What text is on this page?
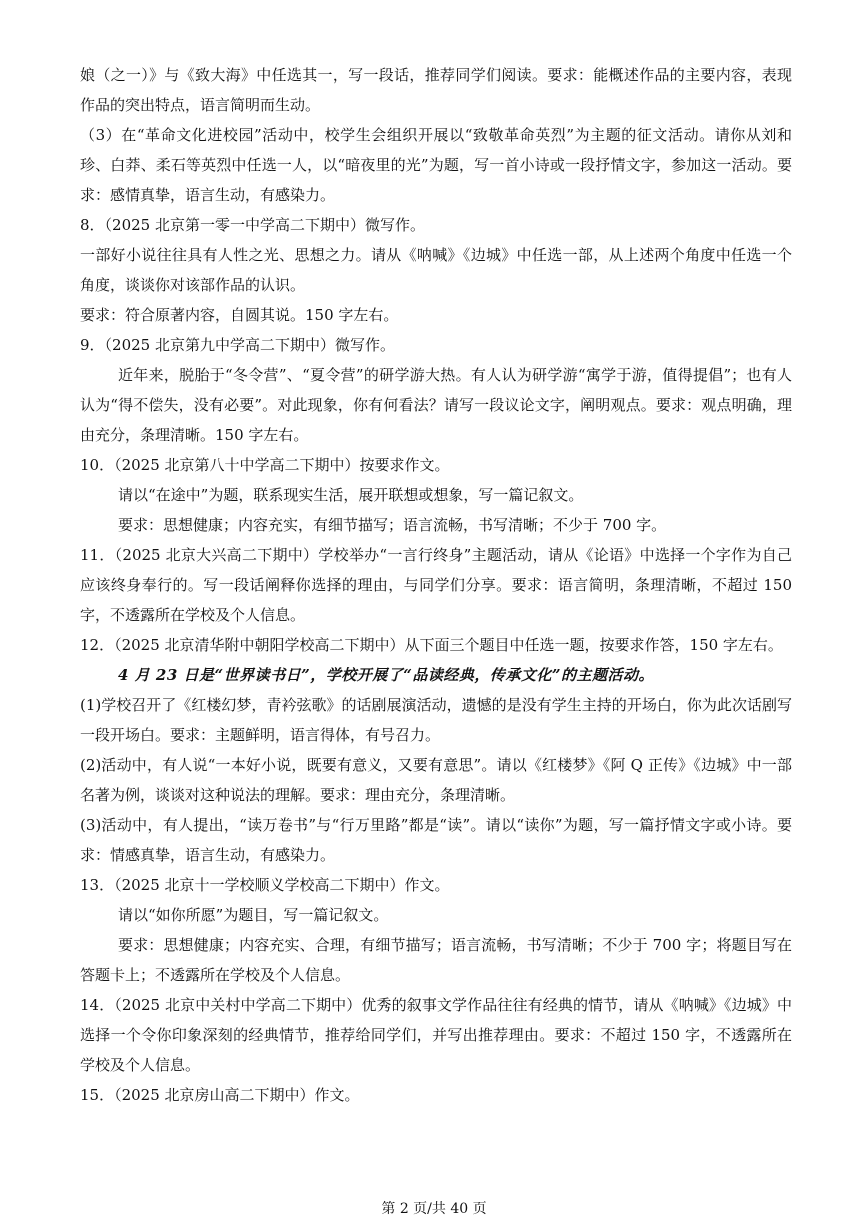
娘（之一）》与《致大海》中任选其一，写一段话，推荐同学们阅读。要求：能概述作品的主要内容，表现作品的突出特点，语言简明而生动。

（3）在“革命文化进校园”活动中，校学生会组织开展以“致敬革命英烈”为主题的征文活动。请你从刘和珍、白莽、柔石等英烈中任选一人，以“暗夜里的光”为题，写一首小诗或一段抒情文字，参加这一活动。要求：感情真挚，语言生动，有感染力。

8．（2025 北京第一零一中学高二下期中）微写作。

一部好小说往往具有人性之光、思想之力。请从《呐喊》《边城》中任选一部，从上述两个角度中任选一个角度，谈谈你对该部作品的认识。

要求：符合原著内容，自圆其说。150 字左右。

9．（2025 北京第九中学高二下期中）微写作。

近年来，脱胎于“冬令营”、“夏令营”的研学游大热。有人认为研学游“寓学于游，值得提倡”；也有人认为“得不偿失，没有必要”。对此现象，你有何看法？请写一段议论文字，阐明观点。要求：观点明确，理由充分，条理清晰。150 字左右。

10．（2025 北京第八十中学高二下期中）按要求作文。

请以“在途中”为题，联系现实生活，展开联想或想象，写一篇记叙文。

要求：思想健康；内容充实，有细节描写；语言流畅，书写清晰；不少于 700 字。

11．（2025 北京大兴高二下期中）学校举办“一言行终身”主题活动，请从《论语》中选择一个字作为自己应该终身奉行的。写一段话阐释你选择的理由，与同学们分享。要求：语言简明，条理清晰，不超过 150 字，不透露所在学校及个人信息。

12．（2025 北京清华附中朝阳学校高二下期中）从下面三个题目中任选一题，按要求作答，150 字左右。

4 月 23 日是“世界读书日”，学校开展了“品读经典，传承文化”的主题活动。

(1)学校召开了《红楼幻梦，青衿弦歌》的话剧展演活动，遗憾的是没有学生主持的开场白，你为此次话剧写一段开场白。要求：主题鲜明，语言得体，有号召力。

(2)活动中，有人说“一本好小说，既要有意义，又要有意思”。请以《红楼梦》《阿 Q 正传》《边城》中一部名著为例，谈谈对这种说法的理解。要求：理由充分，条理清晰。

(3)活动中，有人提出，“读万卷书”与“行万里路”都是“读”。请以“读你”为题，写一篇抒情文字或小诗。要求：情感真挚，语言生动，有感染力。

13．（2025 北京十一学校顺义学校高二下期中）作文。

请以“如你所愿”为题目，写一篇记叙文。

要求：思想健康；内容充实、合理，有细节描写；语言流畅，书写清晰；不少于 700 字；将题目写在答题卡上；不透露所在学校及个人信息。

14．（2025 北京中关村中学高二下期中）优秀的叙事文学作品往往有经典的情节，请从《呐喊》《边城》中选择一个令你印象深刻的经典情节，推荐给同学们，并写出推荐理由。要求：不超过 150 字，不透露所在学校及个人信息。

15．（2025 北京房山高二下期中）作文。

第 2 页/共 40 页
